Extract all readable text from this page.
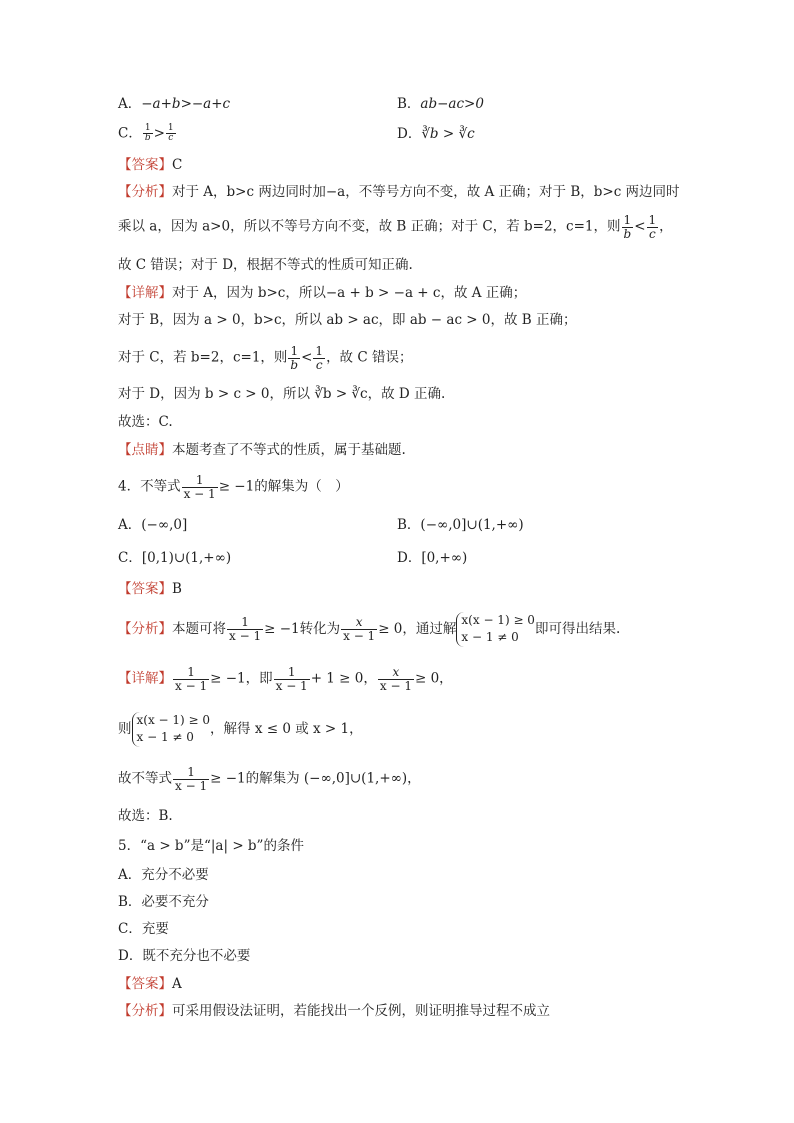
A．−a+b>−a+c	B．ab−ac>0
C． $\frac{1}{b} > \frac{1}{c}$	D．∛b > ∛c
【答案】C
【分析】对于 A，b>c 两边同时加−a，不等号方向不变，故 A 正确；对于 B，b>c 两边同时
乘以 a，因为 a>0，所以不等号方向不变，故 B 正确；对于 C，若 b=2，c=1，则 $\frac{1}{b} < \frac{1}{c}$ ，
故 C 错误；对于 D，根据不等式的性质可知正确.
【详解】对于 A，因为 b>c，所以−a + b > −a + c，故 A 正确；
对于 B，因为 a > 0，b>c，所以 ab > ac，即 ab − ac > 0，故 B 正确；
对于 C，若 b=2，c=1，则 $\frac{1}{b} < \frac{1}{c}$ ，故 C 错误；
对于 D，因为 b > c > 0，所以 ∛b > ∛c，故 D 正确.
故选：C.
【点睛】本题考查了不等式的性质，属于基础题.
4．不等式 $\frac{1}{x - 1} \ge -1$的解集为（　）
A．(−∞,0]	B．(−∞,0]∪(1,+∞)
C．[0,1)∪(1,+∞)	D．[0,+∞)
【答案】B
【分析】本题可将 $\frac{1}{x - 1} \ge -1$转化为 $\frac{x}{x - 1} \ge 0$，通过解
x(x − 1) ≥ 0
x − 1 ≠ 0
即可得出结果.
【详解】 $\frac{1}{x - 1} \ge -1$，即 $\frac{1}{x - 1} + 1 \ge 0$， $\frac{x}{x - 1} \ge 0$，
则
x(x − 1) ≥ 0
x − 1 ≠ 0
，解得 x ≤ 0 或 x > 1，
故不等式 $\frac{1}{x - 1} \ge -1$的解集为 (−∞,0]∪(1,+∞)，
故选：B.
5．“a > b”是“|a| > b”的条件
A．充分不必要
B．必要不充分
C．充要
D．既不充分也不必要
【答案】A
【分析】可采用假设法证明，若能找出一个反例，则证明推导过程不成立
